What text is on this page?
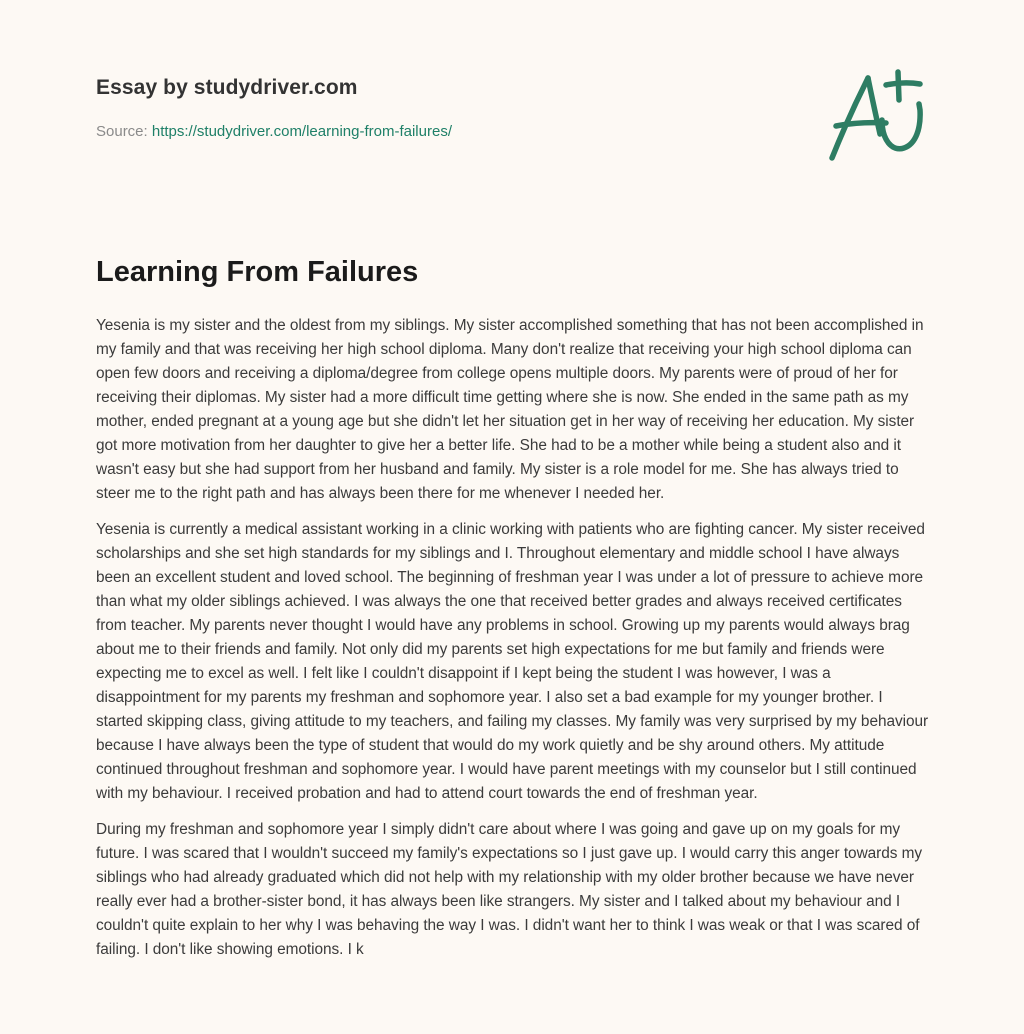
Essay by studydriver.com
Source: https://studydriver.com/learning-from-failures/
Learning From Failures

Yesenia is my sister and the oldest from my siblings. My sister accomplished something that has not been accomplished in my family and that was receiving her high school diploma. Many don't realize that receiving your high school diploma can open few doors and receiving a diploma/degree from college opens multiple doors. My parents were of proud of her for receiving their diplomas. My sister had a more difficult time getting where she is now. She ended in the same path as my mother, ended pregnant at a young age but she didn't let her situation get in her way of receiving her education. My sister got more motivation from her daughter to give her a better life. She had to be a mother while being a student also and it wasn't easy but she had support from her husband and family. My sister is a role model for me. She has always tried to steer me to the right path and has always been there for me whenever I needed her.

Yesenia is currently a medical assistant working in a clinic working with patients who are fighting cancer. My sister received scholarships and she set high standards for my siblings and I. Throughout elementary and middle school I have always been an excellent student and loved school. The beginning of freshman year I was under a lot of pressure to achieve more than what my older siblings achieved. I was always the one that received better grades and always received certificates from teacher. My parents never thought I would have any problems in school. Growing up my parents would always brag about me to their friends and family. Not only did my parents set high expectations for me but family and friends were expecting me to excel as well. I felt like I couldn't disappoint if I kept being the student I was however, I was a disappointment for my parents my freshman and sophomore year. I also set a bad example for my younger brother. I started skipping class, giving attitude to my teachers, and failing my classes. My family was very surprised by my behaviour because I have always been the type of student that would do my work quietly and be shy around others. My attitude continued throughout freshman and sophomore year. I would have parent meetings with my counselor but I still continued with my behaviour. I received probation and had to attend court towards the end of freshman year.

During my freshman and sophomore year I simply didn't care about where I was going and gave up on my goals for my future. I was scared that I wouldn't succeed my family's expectations so I just gave up. I would carry this anger towards my siblings who had already graduated which did not help with my relationship with my older brother because we have never really ever had a brother-sister bond, it has always been like strangers. My sister and I talked about my behaviour and I couldn't quite explain to her why I was behaving the way I was. I didn't want her to think I was weak or that I was scared of failing. I don't like showing emotions. I k
